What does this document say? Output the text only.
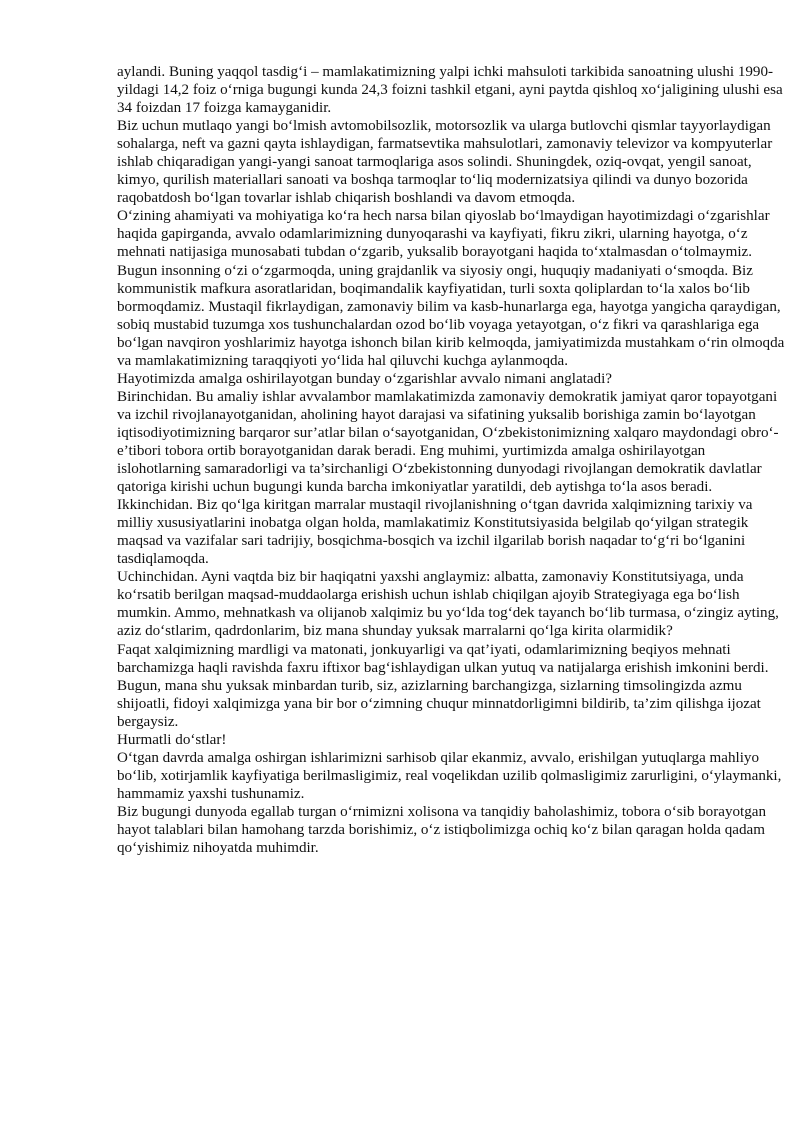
aylandi. Buning yaqqol tasdig‘i – mamlakatimizning yalpi ichki mahsuloti tarkibida sanoatning ulushi 1990-yildagi 14,2 foiz o‘rniga bugungi kunda 24,3 foizni tashkil etgani, ayni paytda qishloq xo‘jaligining ulushi esa 34 foizdan 17 foizga kamayganidir.

Biz uchun mutlaqo yangi bo‘lmish avtomobilsozlik, motorsozlik va ularga butlovchi qismlar tayyorlaydigan sohalarga, neft va gazni qayta ishlaydigan, farmatsevtika mahsulotlari, zamonaviy televizor va kompyuterlar ishlab chiqaradigan yangi-yangi sanoat tarmoqlariga asos solindi. Shuningdek, oziq-ovqat, yengil sanoat, kimyo, qurilish materiallari sanoati va boshqa tarmoqlar to‘liq modernizatsiya qilindi va dunyo bozorida raqobatdosh bo‘lgan tovarlar ishlab chiqarish boshlandi va davom etmoqda.

O‘zining ahamiyati va mohiyatiga ko‘ra hech narsa bilan qiyoslab bo‘lmaydigan hayotimizdagi o‘zgarishlar haqida gapirganda, avvalo odamlarimizning dunyoqarashi va kayfiyati, fikru zikri, ularning hayotga, o‘z mehnati natijasiga munosabati tubdan o‘zgarib, yuksalib borayotgani haqida to‘xtalmasdan o‘tolmaymiz.

Bugun insonning o‘zi o‘zgarmoqda, uning grajdanlik va siyosiy ongi, huquqiy madaniyati o‘smoqda. Biz kommunistik mafkura asoratlaridan, boqimandalik kayfiyatidan, turli soxta qoliplardan to‘la xalos bo‘lib bormoqdamiz. Mustaqil fikrlaydigan, zamonaviy bilim va kasb-hunarlarga ega, hayotga yangicha qaraydigan, sobiq mustabid tuzumga xos tushunchalardan ozod bo‘lib voyaga yetayotgan, o‘z fikri va qarashlariga ega bo‘lgan navqiron yoshlarimiz hayotga ishonch bilan kirib kelmoqda, jamiyatimizda mustahkam o‘rin olmoqda va mamlakatimizning taraqqiyoti yo‘lida hal qiluvchi kuchga aylanmoqda.

Hayotimizda amalga oshirilayotgan bunday o‘zgarishlar avvalo nimani anglatadi?

Birinchidan. Bu amaliy ishlar avvalambor mamlakatimizda zamonaviy demokratik jamiyat qaror topayotgani va izchil rivojlanayotganidan, aholining hayot darajasi va sifatining yuksalib borishiga zamin bo‘layotgan iqtisodiyotimizning barqaror sur’atlar bilan o‘sayotganidan, O‘zbekistonimizning xalqaro maydondagi obro‘-e’tibori tobora ortib borayotganidan darak beradi. Eng muhimi, yurtimizda amalga oshirilayotgan islohotlarning samaradorligi va ta’sirchanligi O‘zbekistonning dunyodagi rivojlangan demokratik davlatlar qatoriga kirishi uchun bugungi kunda barcha imkoniyatlar yaratildi, deb aytishga to‘la asos beradi.

Ikkinchidan. Biz qo‘lga kiritgan marralar mustaqil rivojlanishning o‘tgan davrida xalqimizning tarixiy va milliy xususiyatlarini inobatga olgan holda, mamlakatimiz Konstitutsiyasida belgilab qo‘yilgan strategik maqsad va vazifalar sari tadrijiy, bosqichma-bosqich va izchil ilgarilab borish naqadar to‘g‘ri bo‘lganini tasdiqlamoqda.

Uchinchidan. Ayni vaqtda biz bir haqiqatni yaxshi anglaymiz: albatta, zamonaviy Konstitutsiyaga, unda ko‘rsatib berilgan maqsad-muddaolarga erishish uchun ishlab chiqilgan ajoyib Strategiyaga ega bo‘lish mumkin. Ammo, mehnatkash va olijanob xalqimiz bu yo‘lda tog‘dek tayanch bo‘lib turmasa, o‘zingiz ayting, aziz do‘stlarim, qadrdonlarim, biz mana shunday yuksak marralarni qo‘lga kirita olarmidik?

Faqat xalqimizning mardligi va matonati, jonkuyarligi va qat’iyati, odamlarimizning beqiyos mehnati barchamizga haqli ravishda faxru iftixor bag‘ishlaydigan ulkan yutuq va natijalarga erishish imkonini berdi.

Bugun, mana shu yuksak minbardan turib, siz, azizlarning barchangizga, sizlarning timsolingizda azmu shijoatli, fidoyi xalqimizga yana bir bor o‘zimning chuqur minnatdorligimni bildirib, ta’zim qilishga ijozat bergaysiz.

Hurmatli do‘stlar!

O‘tgan davrda amalga oshirgan ishlarimizni sarhisob qilar ekanmiz, avvalo, erishilgan yutuqlarga mahliyo bo‘lib, xotirjamlik kayfiyatiga berilmasligimiz, real voqelikdan uzilib qolmasligimiz zarurligini, o‘ylaymanki, hammamiz yaxshi tushunamiz.

Biz bugungi dunyoda egallab turgan o‘rnimizni xolisona va tanqidiy baholashimiz, tobora o‘sib borayotgan hayot talablari bilan hamohang tarzda borishimiz, o‘z istiqbolimizga ochiq ko‘z bilan qaragan holda qadam qo‘yishimiz nihoyatda muhimdir.
